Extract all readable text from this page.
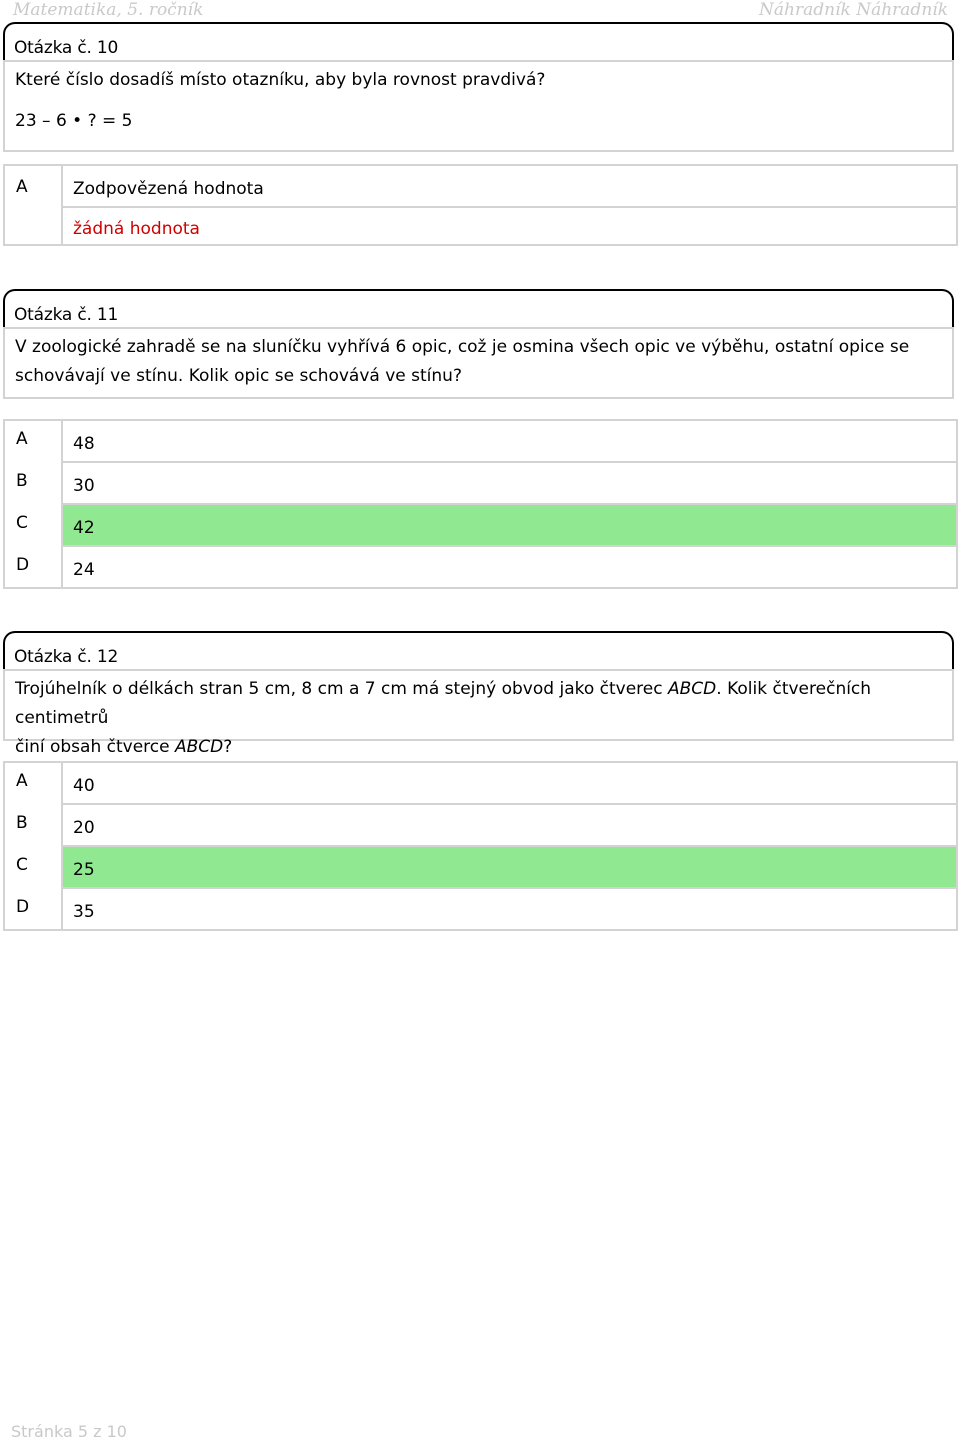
Matematika, 5. ročník	Náhradník Náhradník
Otázka č. 10

Které číslo dosadíš místo otazníku, aby byla rovnost pravdivá?

23 – 6 • ? = 5

A	Zodpovězená hodnota
žádná hodnota
Otázka č. 11

V zoologické zahradě se na sluníčku vyhřívá 6 opic, což je osmina všech opic ve výběhu, ostatní opice se

schovávají ve stínu. Kolik opic se schovává ve stínu?

A
B
C
D
48
30
42
24
Otázka č. 12

Trojúhelník o délkách stran 5 cm, 8 cm a 7 cm má stejný obvod jako čtverec ABCD. Kolik čtverečních centimetrů

činí obsah čtverce ABCD?

A
B
C
D
40
20
25
35
Stránka 5 z 10
